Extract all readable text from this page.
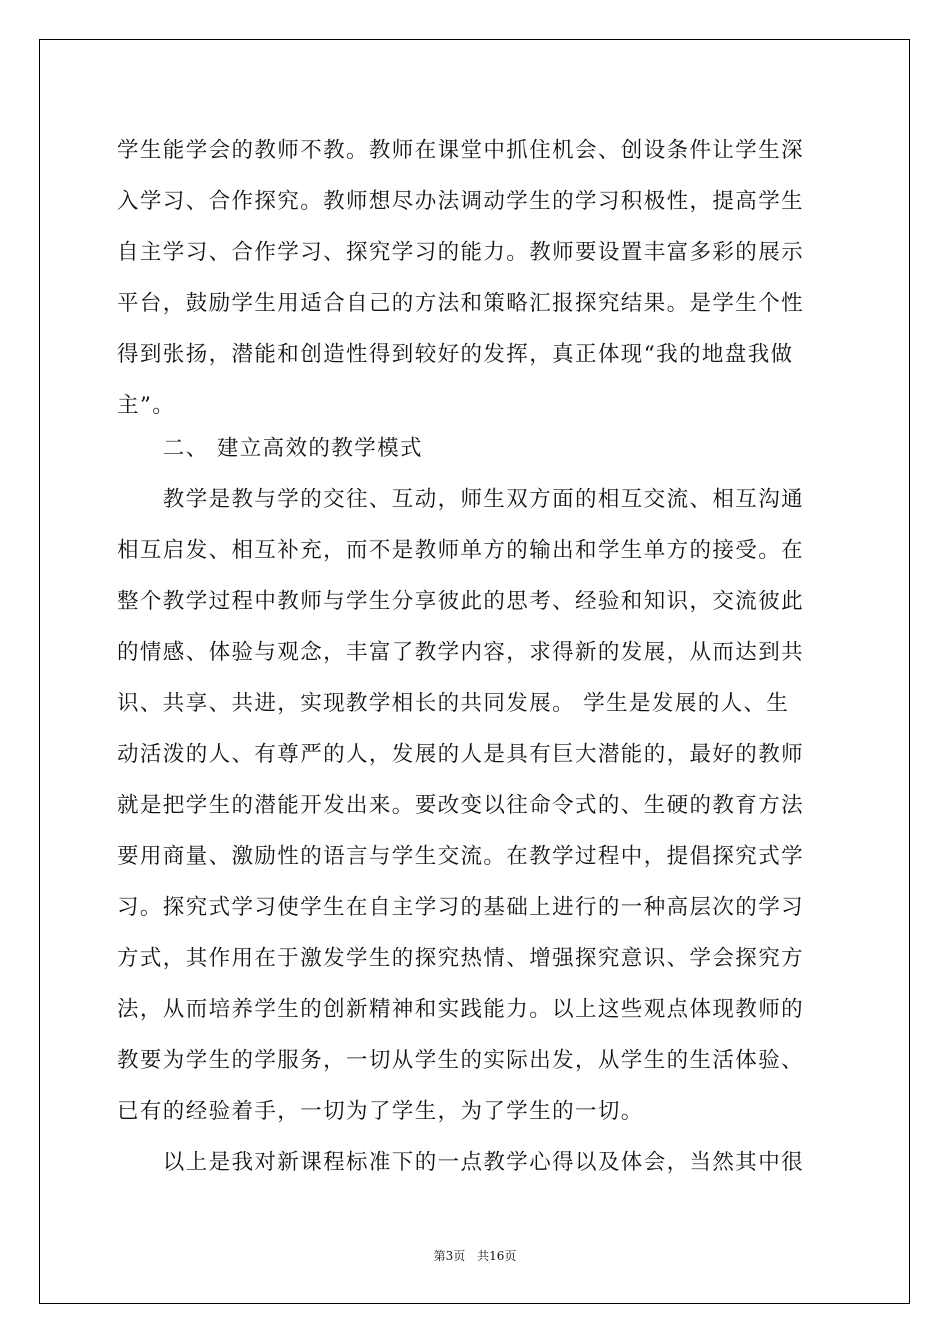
学生能学会的教师不教。教师在课堂中抓住机会、创设条件让学生深
入学习、合作探究。教师想尽办法调动学生的学习积极性，提高学生
自主学习、合作学习、探究学习的能力。教师要设置丰富多彩的展示
平台，鼓励学生用适合自己的方法和策略汇报探究结果。是学生个性
得到张扬，潜能和创造性得到较好的发挥，真正体现“我的地盘我做
主”。
　　二、 建立高效的教学模式
　　教学是教与学的交往、互动，师生双方面的相互交流、相互沟通
相互启发、相互补充，而不是教师单方的输出和学生单方的接受。在
整个教学过程中教师与学生分享彼此的思考、经验和知识，交流彼此
的情感、体验与观念，丰富了教学内容，求得新的发展，从而达到共
识、共享、共进，实现教学相长的共同发展。 学生是发展的人、生
动活泼的人、有尊严的人，发展的人是具有巨大潜能的，最好的教师
就是把学生的潜能开发出来。要改变以往命令式的、生硬的教育方法
要用商量、激励性的语言与学生交流。在教学过程中，提倡探究式学
习。探究式学习使学生在自主学习的基础上进行的一种高层次的学习
方式，其作用在于激发学生的探究热情、增强探究意识、学会探究方
法，从而培养学生的创新精神和实践能力。以上这些观点体现教师的
教要为学生的学服务，一切从学生的实际出发，从学生的生活体验、
已有的经验着手，一切为了学生，为了学生的一切。
　　以上是我对新课程标准下的一点教学心得以及体会，当然其中很
第3页 共16页
